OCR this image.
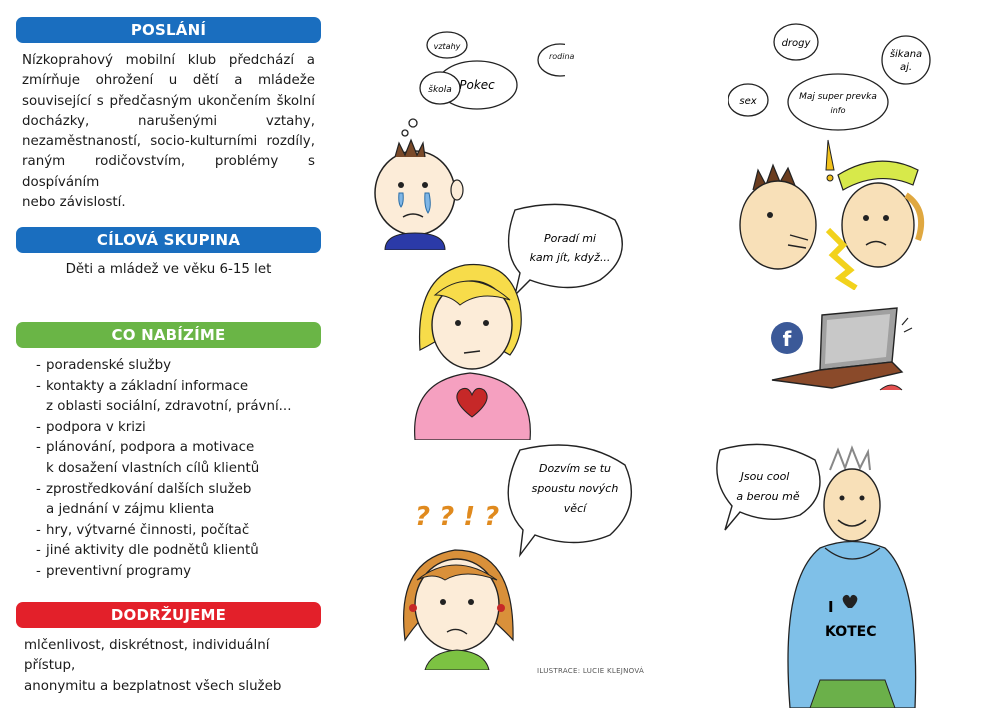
POSLÁNÍ
Nízkoprahový mobilní klub předchází a
zmírňuje ohrožení u dětí a mládeže
související s předčasným ukončením školní
docházky, narušenými vztahy,
nezaměstnaností, socio-kulturními rozdíly,
raným rodičovstvím, problémy s dospíváním
nebo závislostí.
CÍLOVÁ SKUPINA
Děti a mládež ve věku 6-15 let
CO NABÍZÍME
- poradenské služby
- kontakty a základní informace
z oblasti sociální, zdravotní, právní...
- podpora v krizi
- plánování, podpora a motivace
k dosažení vlastních cílů klientů
- zprostředkování dalších služeb
a jednání v zájmu klienta
- hry, výtvarné činnosti, počítač
- jiné aktivity dle podnětů klientů
- preventivní programy
DODRŽUJEME
mlčenlivost, diskrétnost, individuální přístup,
anonymitu a bezplatnost všech služeb
Pokec
vztahy
škola
rodina
Poradí mi
kam jít, když...
Dozvím se tu
spoustu nových
věcí
? ? ! ?
ILUSTRACE: LUCIE KLEJNOVÁ
Maj super prevka
info
drogy
šikana
aj.
sex
f
Jsou cool
a berou mě
I
KOTEC
